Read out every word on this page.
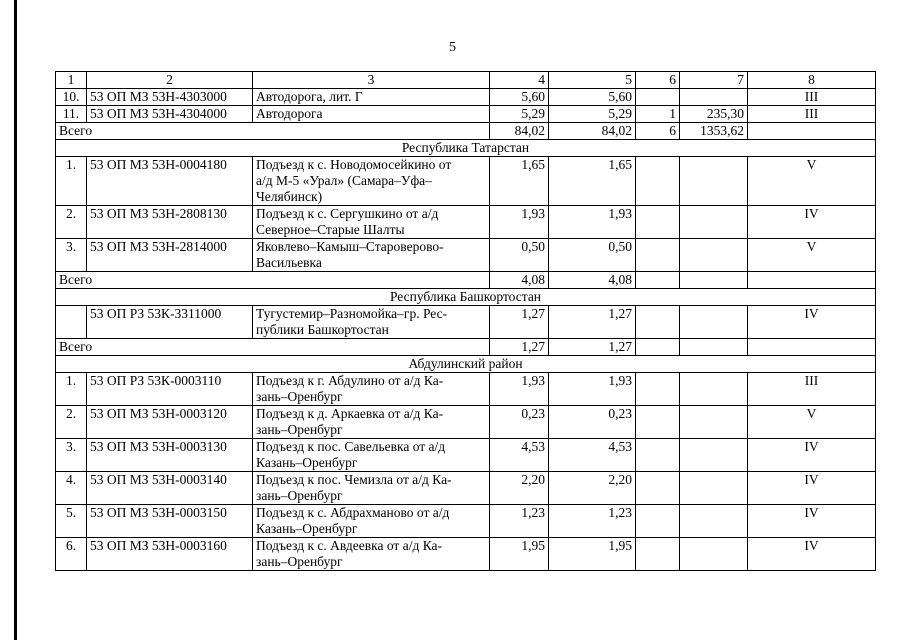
5
1	2	3	4	5	6	7	8
10.	53 ОП МЗ 53Н-4303000	Автодорога, лит. Г	5,60	5,60			III
11.	53 ОП МЗ 53Н-4304000	Автодорога	5,29	5,29	1	235,30	III
Всего			84,02	84,02	6	1353,62	
Республика Татарстан							
1.	53 ОП МЗ 53Н-0004180	Подъезд к с. Новодомосейкино от
а/д М-5 «Урал» (Самара–Уфа–
Челябинск)	1,65	1,65			V
2.	53 ОП МЗ 53Н-2808130	Подъезд к с. Сергушкино от а/д
Северное–Старые Шалты	1,93	1,93			IV
3.	53 ОП МЗ 53Н-2814000	Яковлево–Камыш–Староверово-
Васильевка	0,50	0,50			V
Всего			4,08	4,08			
Республика Башкортостан							
	53 ОП РЗ 53К-3311000	Тугустемир–Разномойка–гр. Рес-
публики Башкортостан	1,27	1,27			IV
Всего			1,27	1,27			
Абдулинский район							
1.	53 ОП РЗ 53К-0003110	Подъезд к г. Абдулино от а/д Ка-
зань–Оренбург	1,93	1,93			III
2.	53 ОП МЗ 53Н-0003120	Подъезд к д. Аркаевка от а/д Ка-
зань–Оренбург	0,23	0,23			V
3.	53 ОП МЗ 53Н-0003130	Подъезд к пос. Савельевка от а/д
Казань–Оренбург	4,53	4,53			IV
4.	53 ОП МЗ 53Н-0003140	Подъезд к пос. Чемизла от а/д Ка-
зань–Оренбург	2,20	2,20			IV
5.	53 ОП МЗ 53Н-0003150	Подъезд к с. Абдрахманово от а/д
Казань–Оренбург	1,23	1,23			IV
6.	53 ОП МЗ 53Н-0003160	Подъезд к с. Авдеевка от а/д Ка-
зань–Оренбург	1,95	1,95			IV
